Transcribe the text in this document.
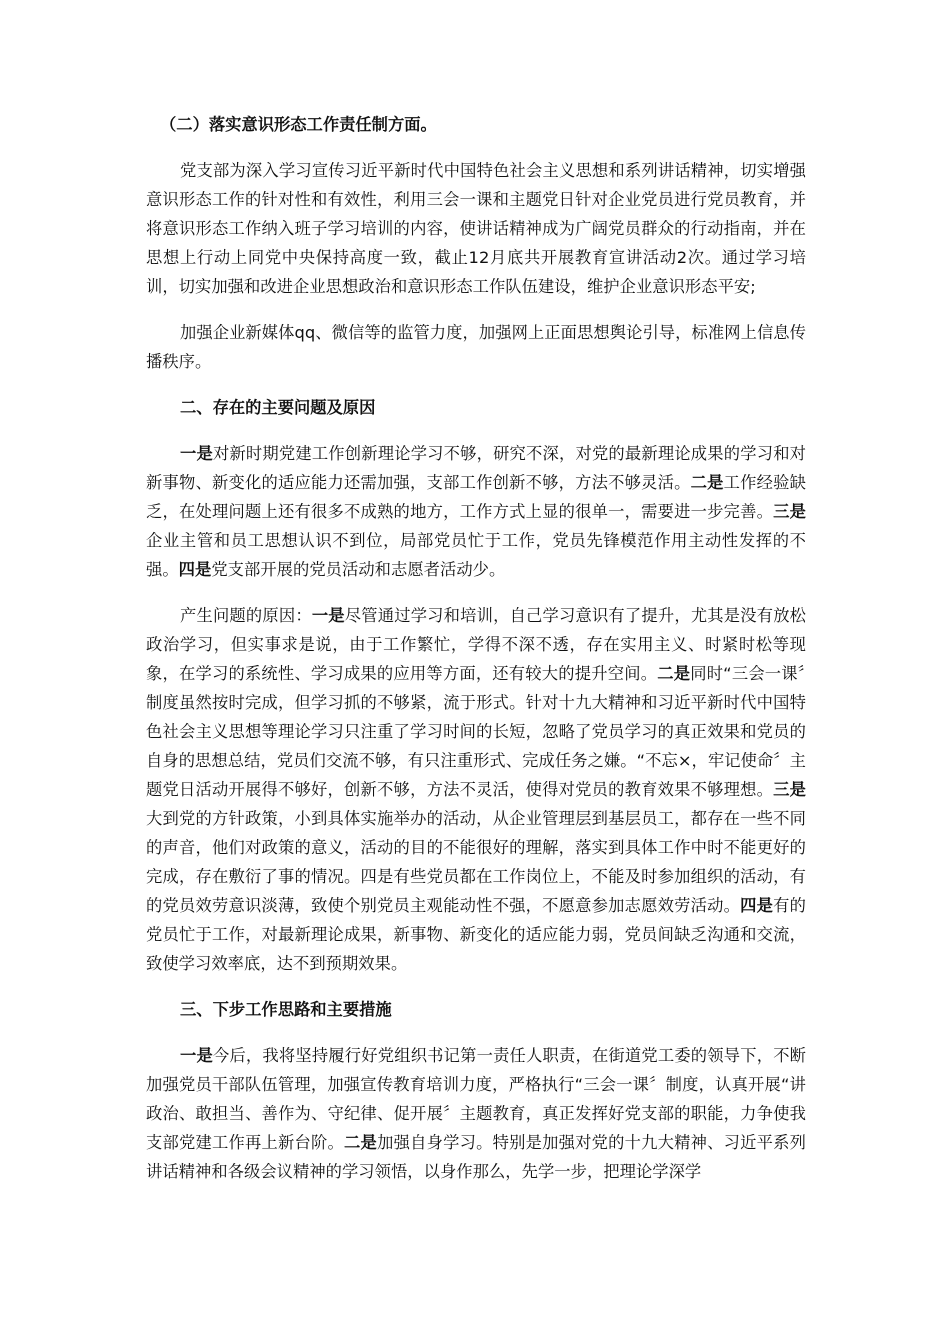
（二）落实意识形态工作责任制方面。

党支部为深入学习宣传习近平新时代中国特色社会主义思想和系列讲话精神，切实增强意识形态工作的针对性和有效性，利用三会一课和主题党日针对企业党员进行党员教育，并将意识形态工作纳入班子学习培训的内容，使讲话精神成为广阔党员群众的行动指南，并在思想上行动上同党中央保持高度一致，截止12月底共开展教育宣讲活动2次。通过学习培训，切实加强和改进企业思想政治和意识形态工作队伍建设，维护企业意识形态平安;

加强企业新媒体qq、微信等的监管力度，加强网上正面思想舆论引导，标准网上信息传播秩序。

二、存在的主要问题及原因

一是对新时期党建工作创新理论学习不够，研究不深，对党的最新理论成果的学习和对新事物、新变化的适应能力还需加强，支部工作创新不够，方法不够灵活。二是工作经验缺乏，在处理问题上还有很多不成熟的地方，工作方式上显的很单一，需要进一步完善。三是企业主管和员工思想认识不到位，局部党员忙于工作，党员先锋模范作用主动性发挥的不强。四是党支部开展的党员活动和志愿者活动少。

产生问题的原因：一是尽管通过学习和培训，自己学习意识有了提升，尤其是没有放松政治学习，但实事求是说，由于工作繁忙，学得不深不透，存在实用主义、时紧时松等现象，在学习的系统性、学习成果的应用等方面，还有较大的提升空间。二是同时“三会一课〞制度虽然按时完成，但学习抓的不够紧，流于形式。针对十九大精神和习近平新时代中国特色社会主义思想等理论学习只注重了学习时间的长短，忽略了党员学习的真正效果和党员的自身的思想总结，党员们交流不够，有只注重形式、完成任务之嫌。“不忘×，牢记使命〞主题党日活动开展得不够好，创新不够，方法不灵活，使得对党员的教育效果不够理想。三是大到党的方针政策，小到具体实施举办的活动，从企业管理层到基层员工，都存在一些不同的声音，他们对政策的意义，活动的目的不能很好的理解，落实到具体工作中时不能更好的完成，存在敷衍了事的情况。四是有些党员都在工作岗位上，不能及时参加组织的活动，有的党员效劳意识淡薄，致使个别党员主观能动性不强，不愿意参加志愿效劳活动。四是有的党员忙于工作，对最新理论成果，新事物、新变化的适应能力弱，党员间缺乏沟通和交流，致使学习效率底，达不到预期效果。

三、下步工作思路和主要措施

一是今后，我将坚持履行好党组织书记第一责任人职责，在街道党工委的领导下，不断加强党员干部队伍管理，加强宣传教育培训力度，严格执行“三会一课〞制度，认真开展“讲政治、敢担当、善作为、守纪律、促开展〞主题教育，真正发挥好党支部的职能，力争使我支部党建工作再上新台阶。二是加强自身学习。特别是加强对党的十九大精神、习近平系列讲话精神和各级会议精神的学习领悟，以身作那么，先学一步，把理论学深学
